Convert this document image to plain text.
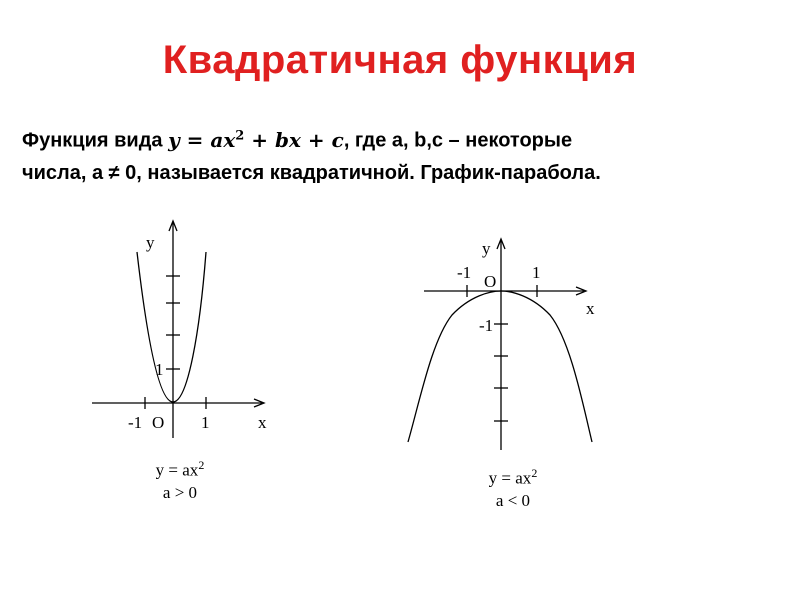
Квадратичная функция
Функция вида $y = ax^2$ + bx + c, где a, b,c – некоторые
числа, а ≠ 0, называется квадратичной. График-парабола.
y
x
O
1
-1	1
y
x
O
-1	1
-1
$y = ax^2$
a > 0
$y = ax^2$
a < 0
